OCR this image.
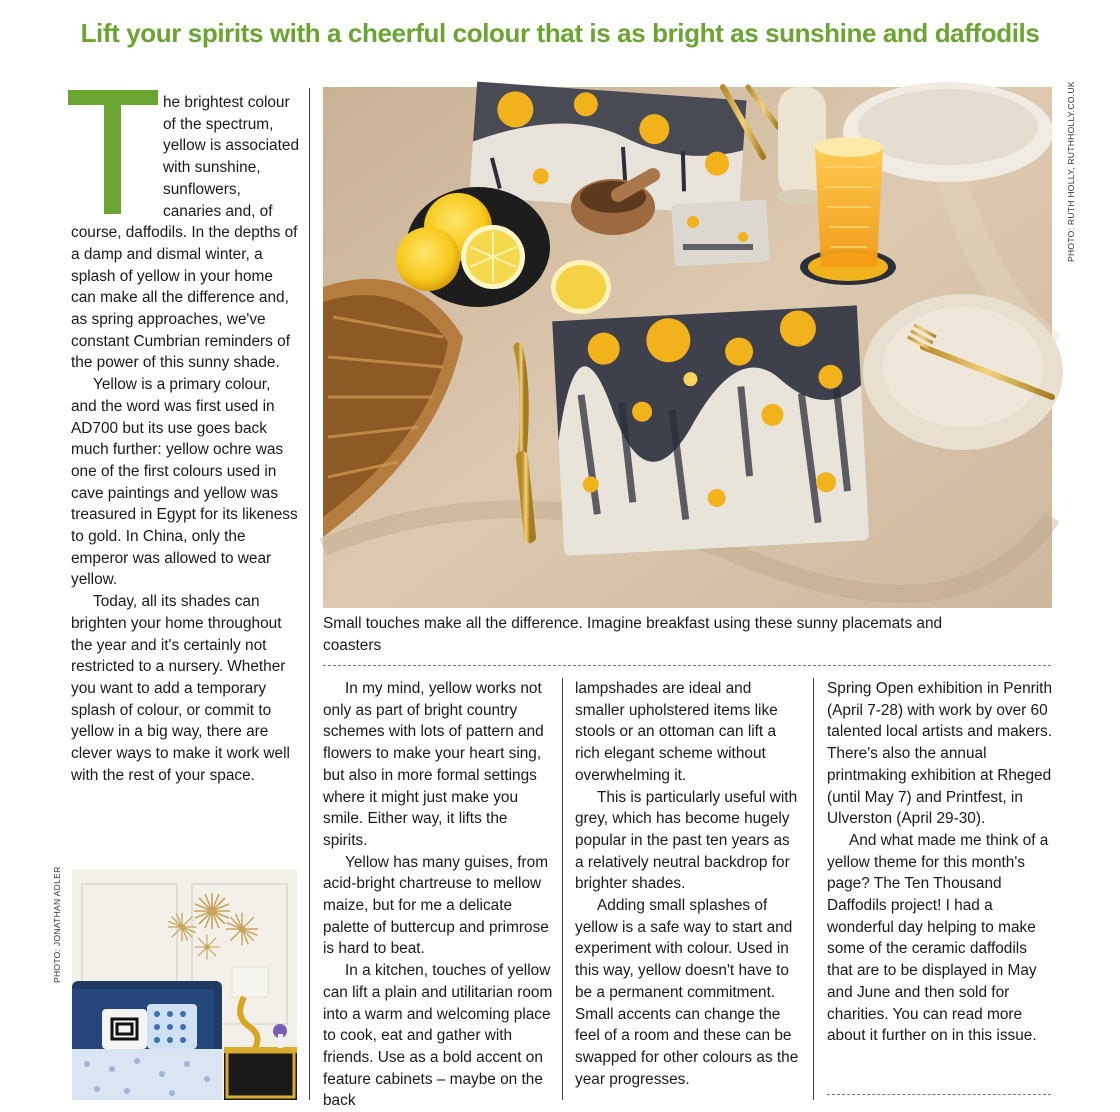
Lift your spirits with a cheerful colour that is as bright as sunshine and daffodils
T

he brightest colour of the spectrum, yellow is associated with sunshine, sunflowers, canaries and, of course, daffodils. In the depths of a damp and dismal winter, a splash of yellow in your home can make all the difference and, as spring approaches, we've constant Cumbrian reminders of the power of this sunny shade.

Yellow is a primary colour, and the word was first used in AD700 but its use goes back much further: yellow ochre was one of the first colours used in cave paintings and yellow was treasured in Egypt for its likeness to gold. In China, only the emperor was allowed to wear yellow.

Today, all its shades can brighten your home throughout the year and it's certainly not restricted to a nursery. Whether you want to add a temporary splash of colour, or commit to yellow in a big way, there are clever ways to make it work well with the rest of your space.

PHOTO: RUTH HOLLY, RUTHHOLLY.CO.UK

Small touches make all the difference. Imagine breakfast using these sunny placemats and coasters

In my mind, yellow works not only as part of bright country schemes with lots of pattern and flowers to make your heart sing, but also in more formal settings where it might just make you smile. Either way, it lifts the spirits.

Yellow has many guises, from acid-bright chartreuse to mellow maize, but for me a delicate palette of buttercup and primrose is hard to beat.

In a kitchen, touches of yellow can lift a plain and utilitarian room into a warm and welcoming place to cook, eat and gather with friends. Use as a bold accent on feature cabinets – maybe on the back

lampshades are ideal and smaller upholstered items like stools or an ottoman can lift a rich elegant scheme without overwhelming it.

This is particularly useful with grey, which has become hugely popular in the past ten years as a relatively neutral backdrop for brighter shades.

Adding small splashes of yellow is a safe way to start and experiment with colour. Used in this way, yellow doesn't have to be a permanent commitment. Small accents can change the feel of a room and these can be swapped for other colours as the year progresses.

Spring Open exhibition in Penrith (April 7-28) with work by over 60 talented local artists and makers. There's also the annual printmaking exhibition at Rheged (until May 7) and Printfest, in Ulverston (April 29-30).

And what made me think of a yellow theme for this month's page? The Ten Thousand Daffodils project! I had a wonderful day helping to make some of the ceramic daffodils that are to be displayed in May and June and then sold for charities. You can read more about it further on in this issue.

PHOTO: JONATHAN ADLER
